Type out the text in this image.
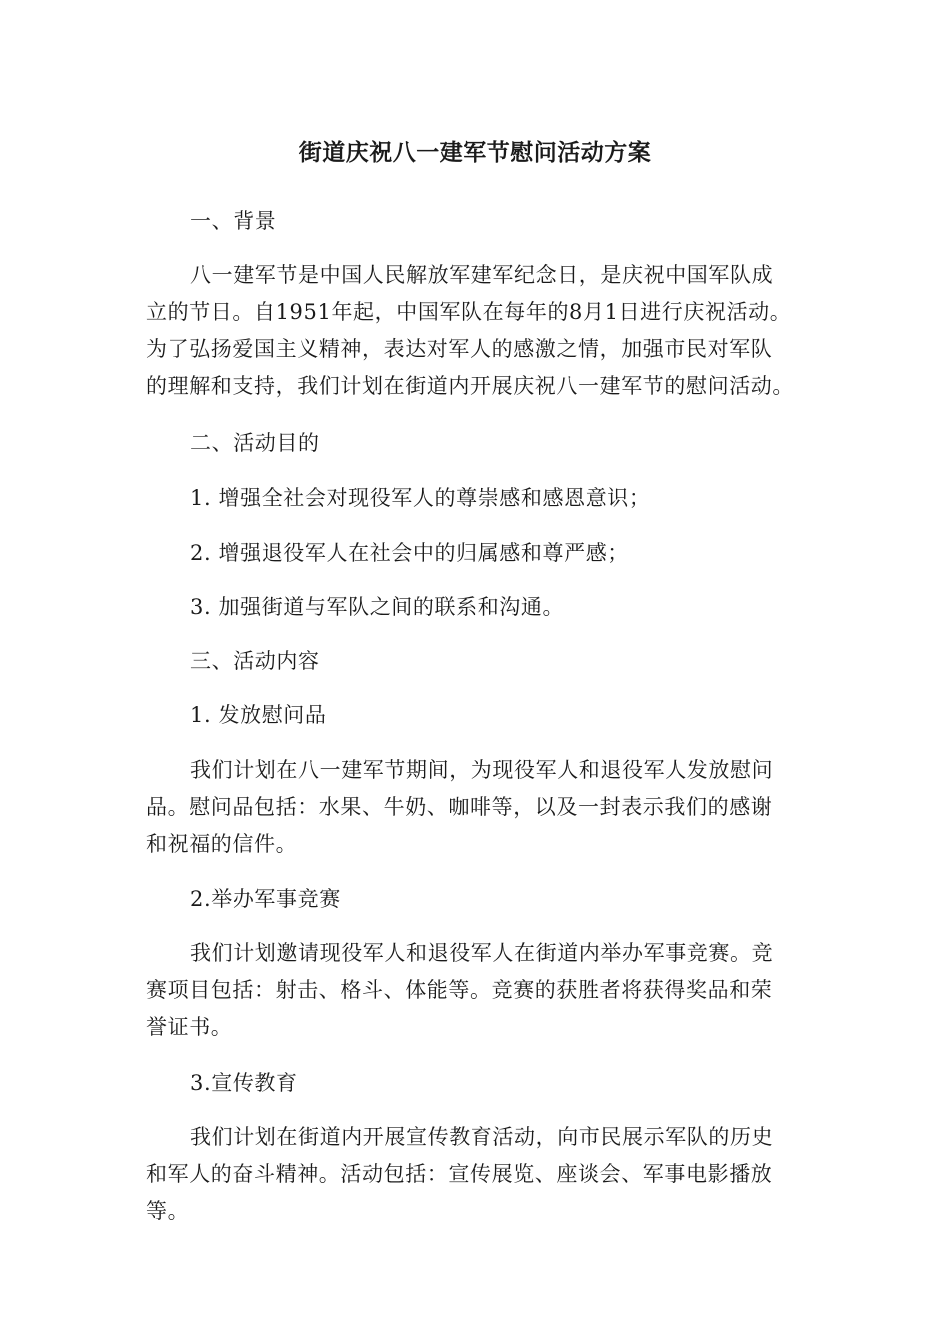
街道庆祝八一建军节慰问活动方案
一、背景
八一建军节是中国人民解放军建军纪念日，是庆祝中国军队成
立的节日。自1951年起，中国军队在每年的8月1日进行庆祝活动。
为了弘扬爱国主义精神，表达对军人的感激之情，加强市民对军队
的理解和支持，我们计划在街道内开展庆祝八一建军节的慰问活动。
二、活动目的
1. 增强全社会对现役军人的尊崇感和感恩意识；
2. 增强退役军人在社会中的归属感和尊严感；
3. 加强街道与军队之间的联系和沟通。
三、活动内容
1. 发放慰问品
我们计划在八一建军节期间，为现役军人和退役军人发放慰问
品。慰问品包括：水果、牛奶、咖啡等，以及一封表示我们的感谢
和祝福的信件。
2.举办军事竞赛
我们计划邀请现役军人和退役军人在街道内举办军事竞赛。竞
赛项目包括：射击、格斗、体能等。竞赛的获胜者将获得奖品和荣
誉证书。
3.宣传教育
我们计划在街道内开展宣传教育活动，向市民展示军队的历史
和军人的奋斗精神。活动包括：宣传展览、座谈会、军事电影播放
等。
